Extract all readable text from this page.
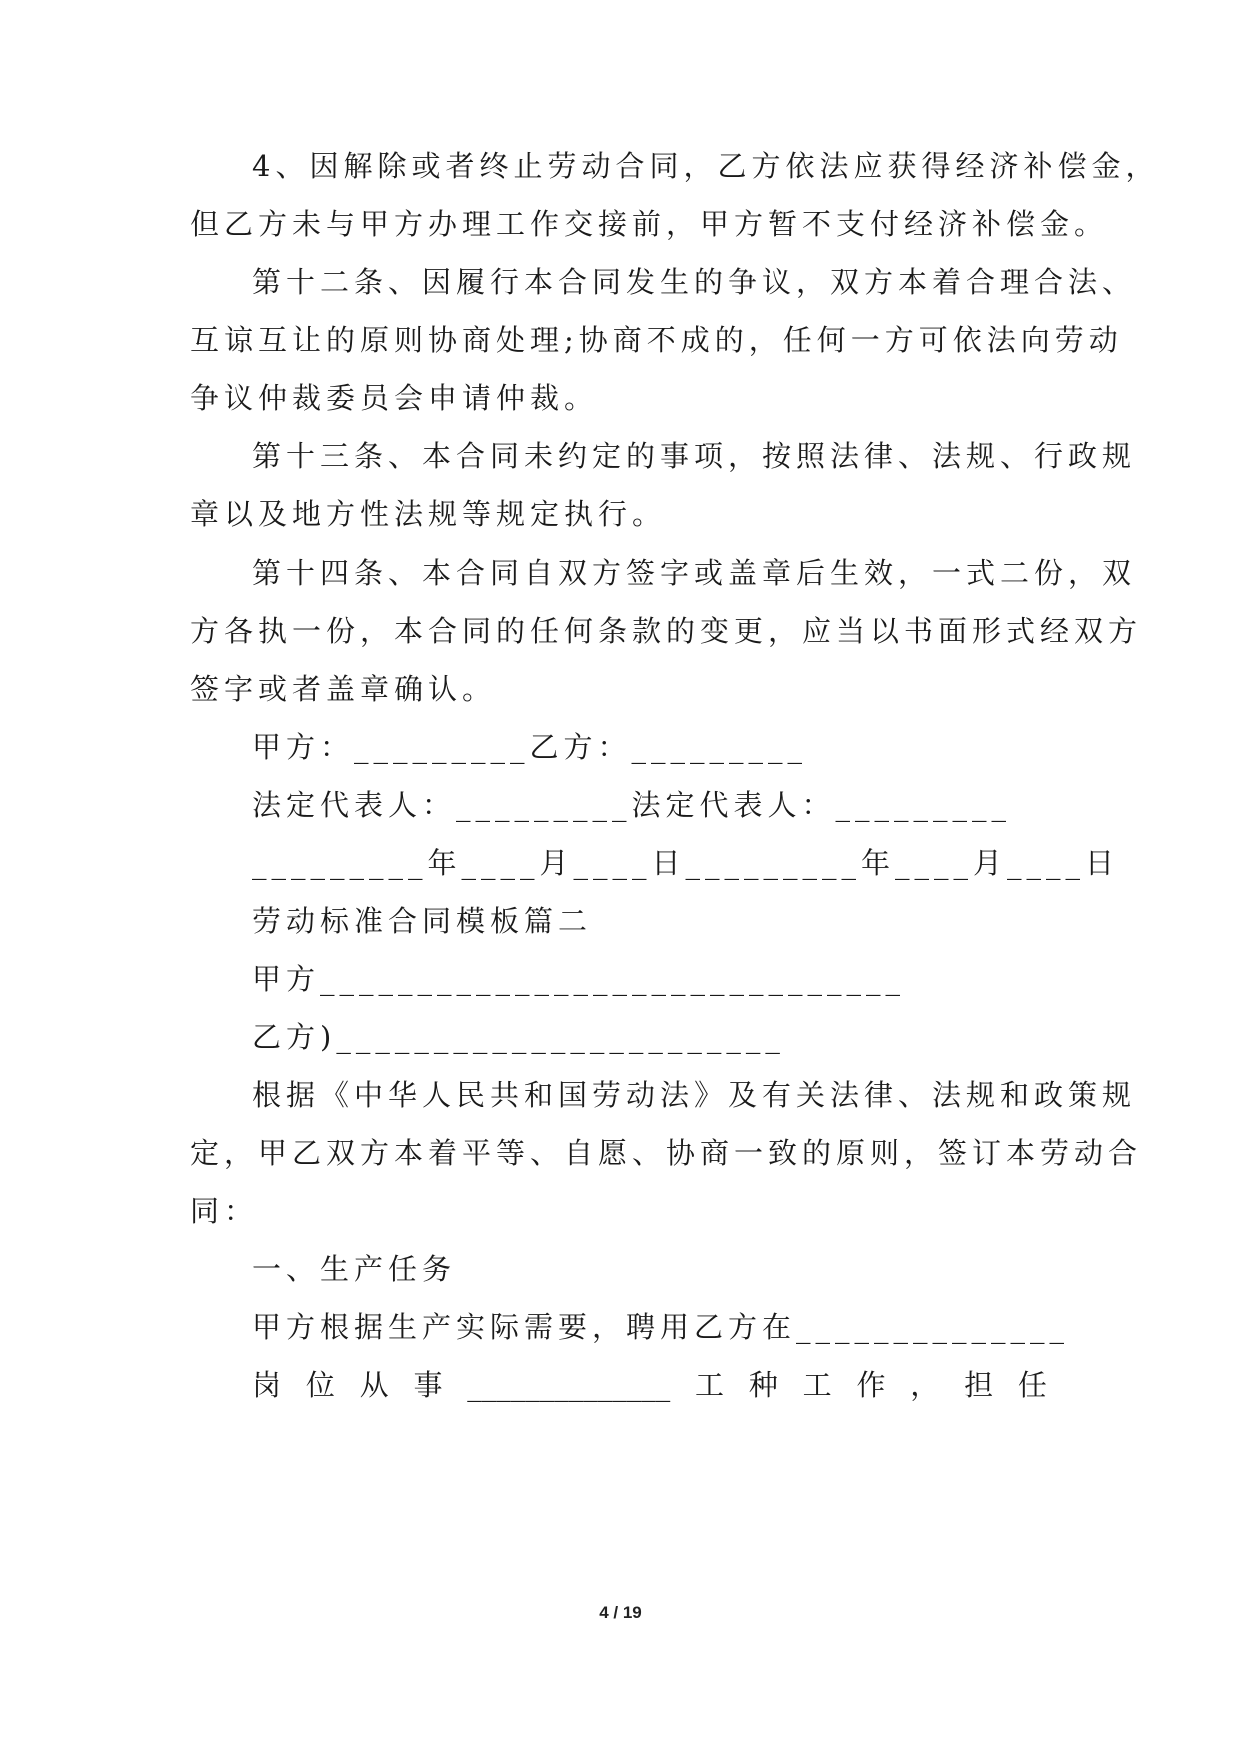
4、因解除或者终止劳动合同，乙方依法应获得经济补偿金，
但乙方未与甲方办理工作交接前，甲方暂不支付经济补偿金。
第十二条、因履行本合同发生的争议，双方本着合理合法、
互谅互让的原则协商处理;协商不成的，任何一方可依法向劳动
争议仲裁委员会申请仲裁。
第十三条、本合同未约定的事项，按照法律、法规、行政规
章以及地方性法规等规定执行。
第十四条、本合同自双方签字或盖章后生效，一式二份，双
方各执一份，本合同的任何条款的变更，应当以书面形式经双方
签字或者盖章确认。
甲方：_________乙方：_________
法定代表人：_________法定代表人：_________
_________年____月____日_________年____月____日
劳动标准合同模板篇二
甲方______________________________
乙方)_______________________
根据《中华人民共和国劳动法》及有关法律、法规和政策规
定，甲乙双方本着平等、自愿、协商一致的原则，签订本劳动合
同：
一、生产任务
甲方根据生产实际需要，聘用乙方在______________
岗 位 从 事 ______________ 工 种 工 作 ， 担 任
4 / 19
